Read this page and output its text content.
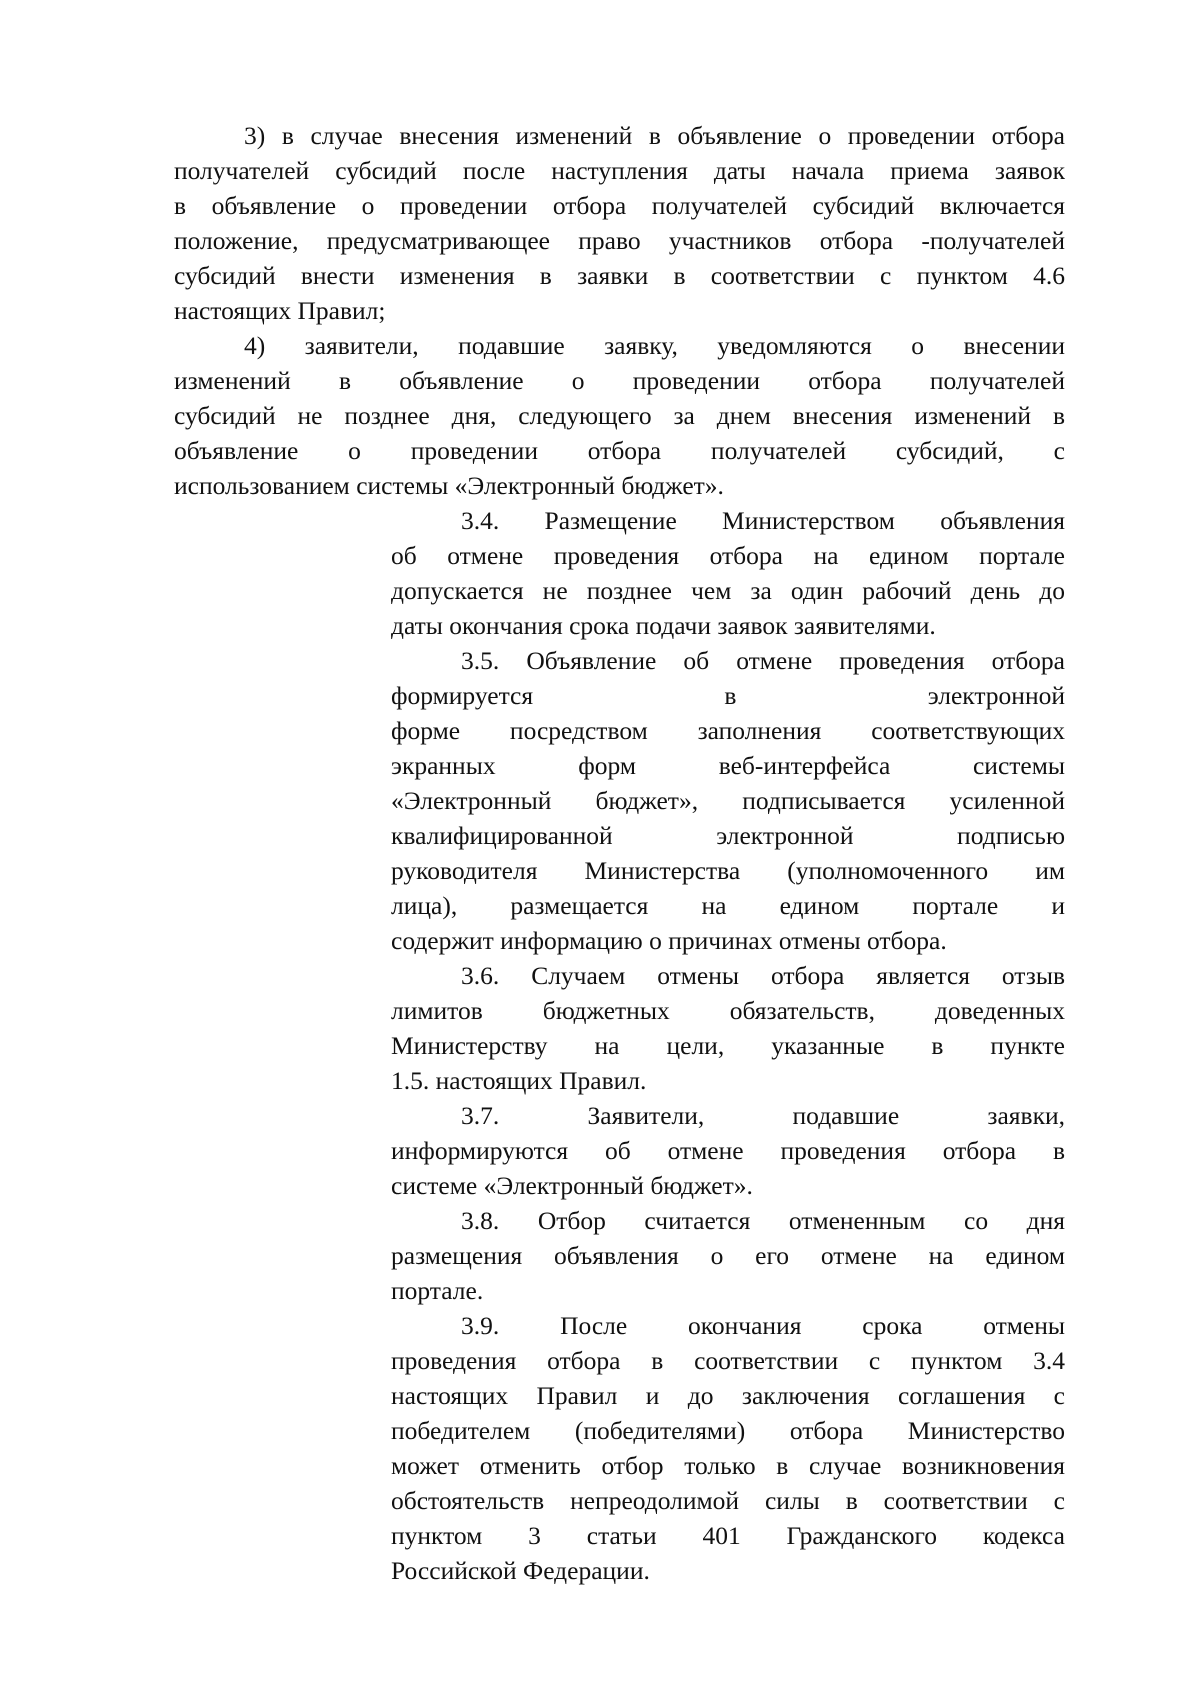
3) в случае внесения изменений в объявление о проведении отбора
получателей субсидий после наступления даты начала приема заявок
в объявление о проведении отбора получателей субсидий включается
положение, предусматривающее право участников отбора -получателей
субсидий внести изменения в заявки в соответствии с пунктом 4.6
настоящих Правил;
4) заявители, подавшие заявку, уведомляются о внесении
изменений в объявление о проведении отбора получателей
субсидий не позднее дня, следующего за днем внесения изменений в
объявление о проведении отбора получателей субсидий, с
использованием системы «Электронный бюджет».
3.4. Размещение Министерством объявления
об отмене проведения отбора на едином портале
допускается не позднее чем за один рабочий день до
даты окончания срока подачи заявок заявителями.
3.5. Объявление об отмене проведения отбора
формируется в электронной
форме посредством заполнения соответствующих
экранных форм веб-интерфейса системы
«Электронный бюджет», подписывается усиленной
квалифицированной электронной подписью
руководителя Министерства (уполномоченного им
лица), размещается на едином портале и
содержит информацию о причинах отмены отбора.
3.6. Случаем отмены отбора является отзыв
лимитов бюджетных обязательств, доведенных
Министерству на цели, указанные в пункте
1.5. настоящих Правил.
3.7. Заявители, подавшие заявки,
информируются об отмене проведения отбора в
системе «Электронный бюджет».
3.8. Отбор считается отмененным со дня
размещения объявления о его отмене на едином
портале.
3.9. После окончания срока отмены
проведения отбора в соответствии с пунктом 3.4
настоящих Правил и до заключения соглашения с
победителем (победителями) отбора Министерство
может отменить отбор только в случае возникновения
обстоятельств непреодолимой силы в соответствии с
пунктом 3 статьи 401 Гражданского кодекса
Российской Федерации.
